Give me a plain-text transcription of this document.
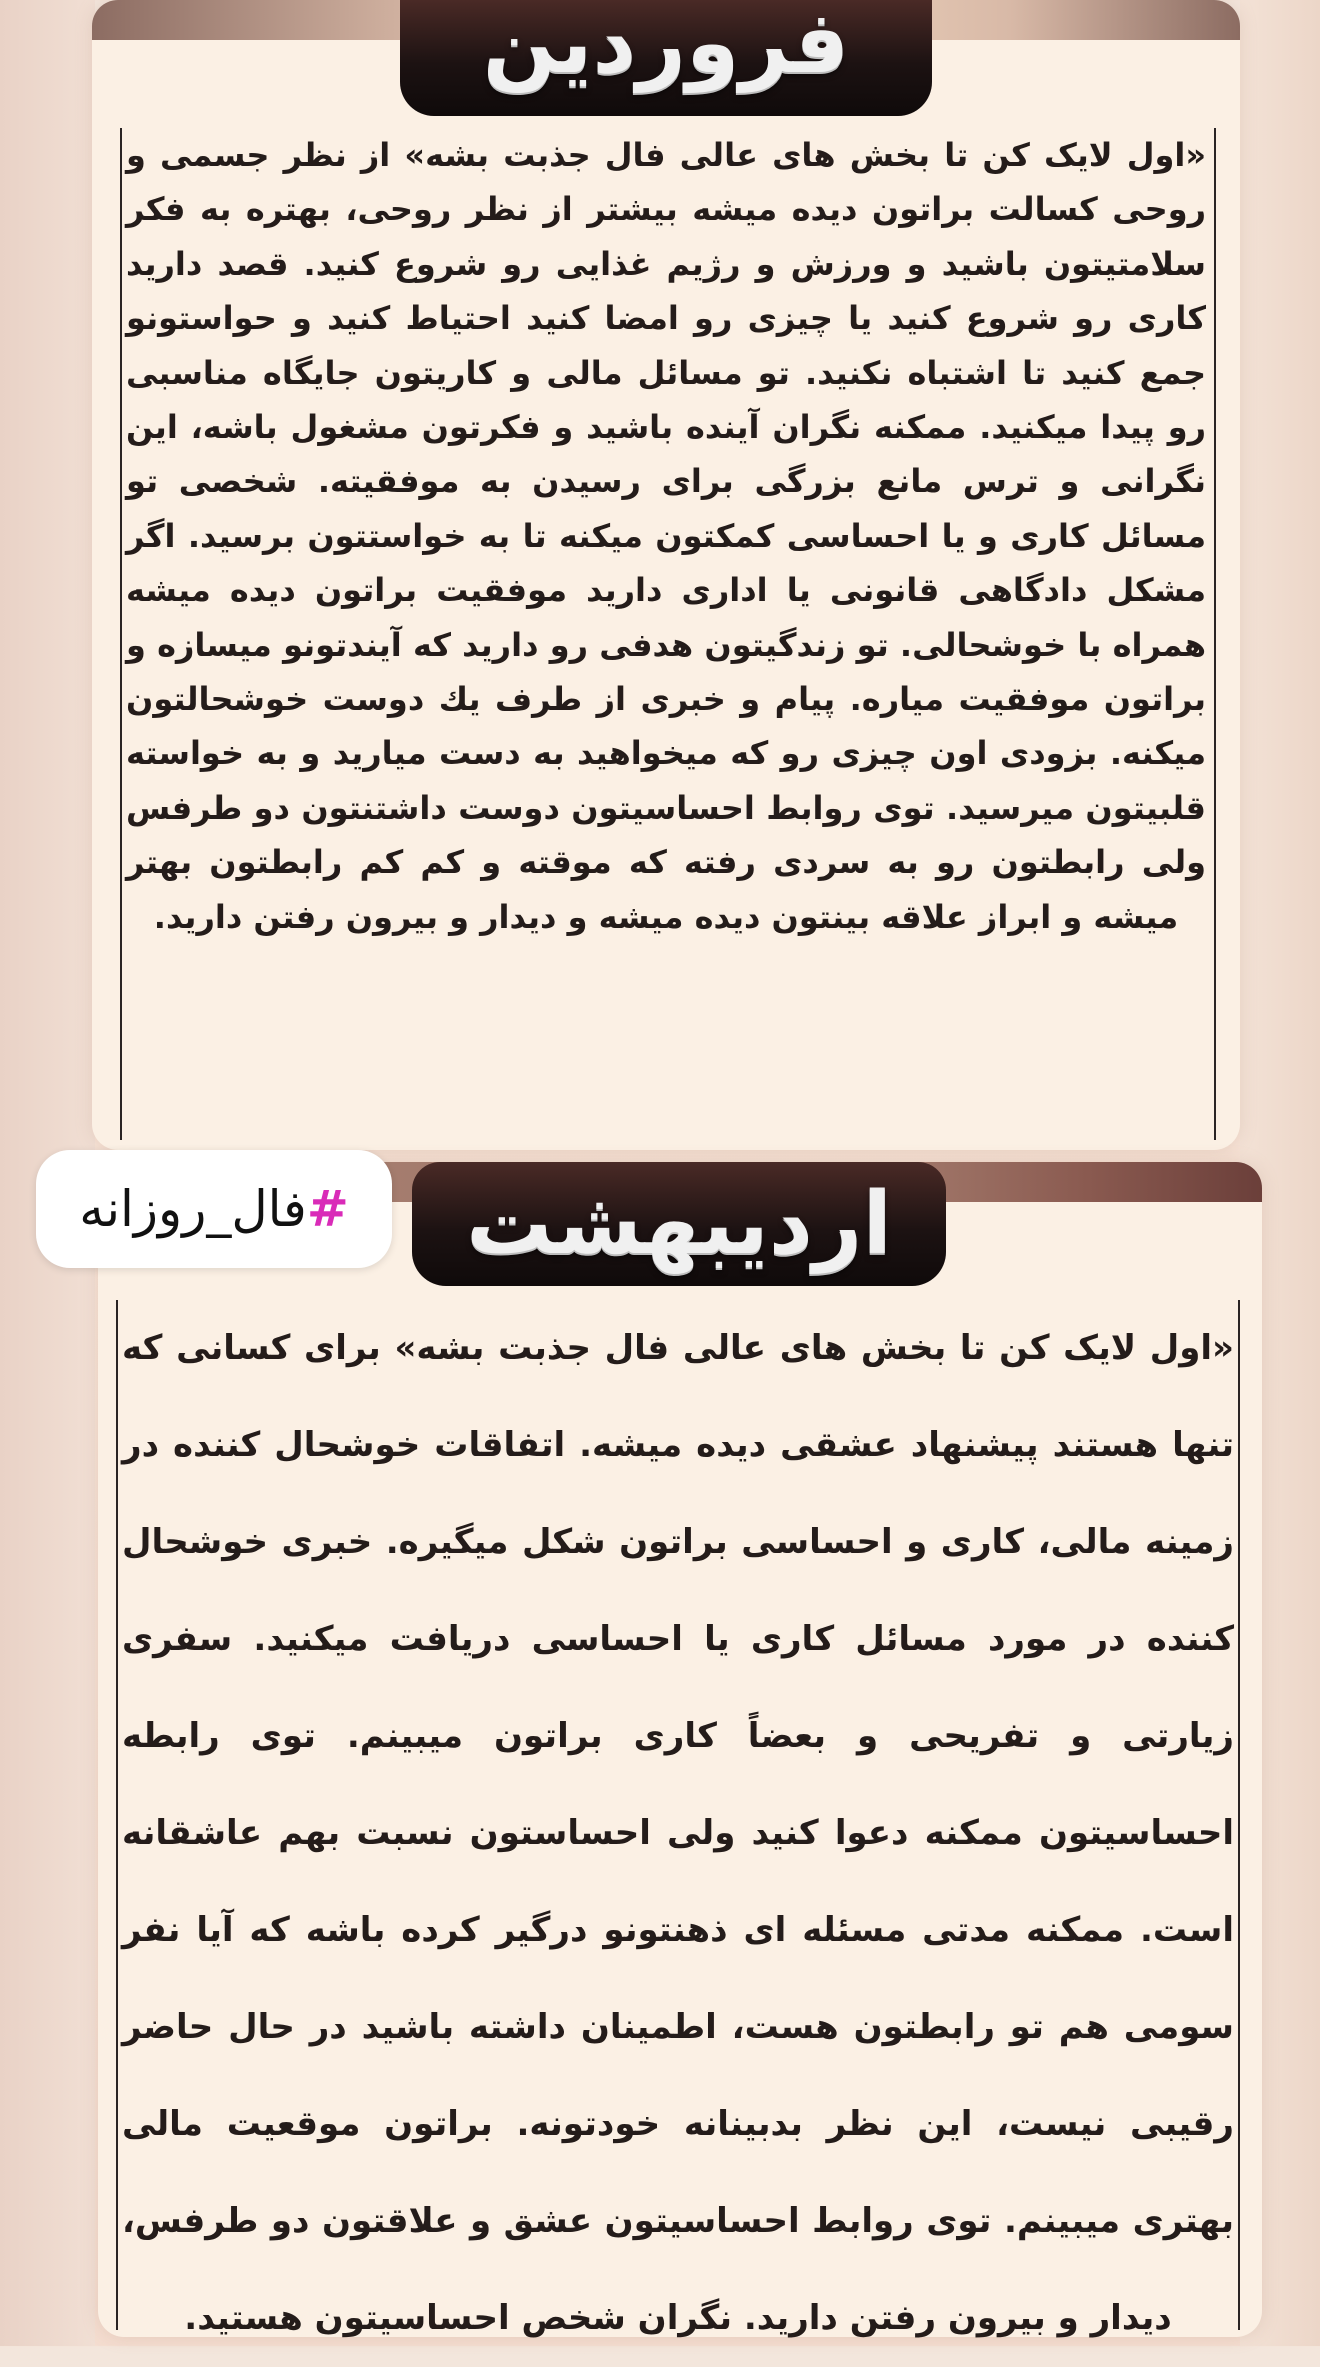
فروردین
«اول لایک کن تا بخش های عالی فال جذبت بشه» از نظر جسمی و روحی کسالت براتون دیده میشه بیشتر از نظر روحی، بهتره به فکر سلامتیتون باشید و ورزش و رژیم غذایی رو شروع کنید. قصد دارید کاری رو شروع کنید یا چیزی رو امضا کنید احتیاط کنید و حواستونو جمع کنید تا اشتباه نکنید. تو مسائل مالی و کاریتون جایگاه مناسبی رو پیدا میکنید. ممکنه نگران آینده باشید و فکرتون مشغول باشه، این نگرانی و ترس مانع بزرگی برای رسیدن به موفقیته. شخصی تو مسائل کاری و یا احساسی کمکتون میکنه تا به خواستتون برسید. اگر مشکل دادگاهی قانونی یا اداری دارید موفقیت براتون دیده میشه همراه با خوشحالی. تو زندگیتون هدفی رو دارید که آیندتونو میسازه و براتون موفقیت میاره. پیام و خبری از طرف یك دوست خوشحالتون میکنه. بزودی اون چیزی رو که میخواهید به دست میارید و به خواسته قلبیتون میرسید. توی روابط احساسیتون دوست داشتنتون دو طرفس ولی رابطتون رو به سردی رفته که موقته و کم کم رابطتون بهتر میشه و ابراز علاقه بینتون دیده میشه و دیدار و بیرون رفتن دارید.
اردیبهشت
«اول لایک کن تا بخش های عالی فال جذبت بشه» برای کسانی که تنها هستند پیشنهاد عشقی دیده میشه. اتفاقات خوشحال کننده در زمینه مالی، کاری و احساسی براتون شکل میگیره. خبری خوشحال کننده در مورد مسائل کاری یا احساسی دریافت میکنید. سفری زیارتی و تفریحی و بعضاً کاری براتون میبینم. توی رابطه احساسیتون ممکنه دعوا کنید ولی احساستون نسبت بهم عاشقانه است. ممکنه مدتی مسئله ای ذهنتونو درگیر کرده باشه که آیا نفر سومی هم تو رابطتون هست، اطمینان داشته باشید در حال حاضر رقیبی نیست، این نظر بدبینانه خودتونه. براتون موقعیت مالی بهتری میبینم. توی روابط احساسیتون عشق و علاقتون دو طرفس، دیدار و بیرون رفتن دارید. نگران شخص احساسیتون هستید.
#
فال_روزانه
